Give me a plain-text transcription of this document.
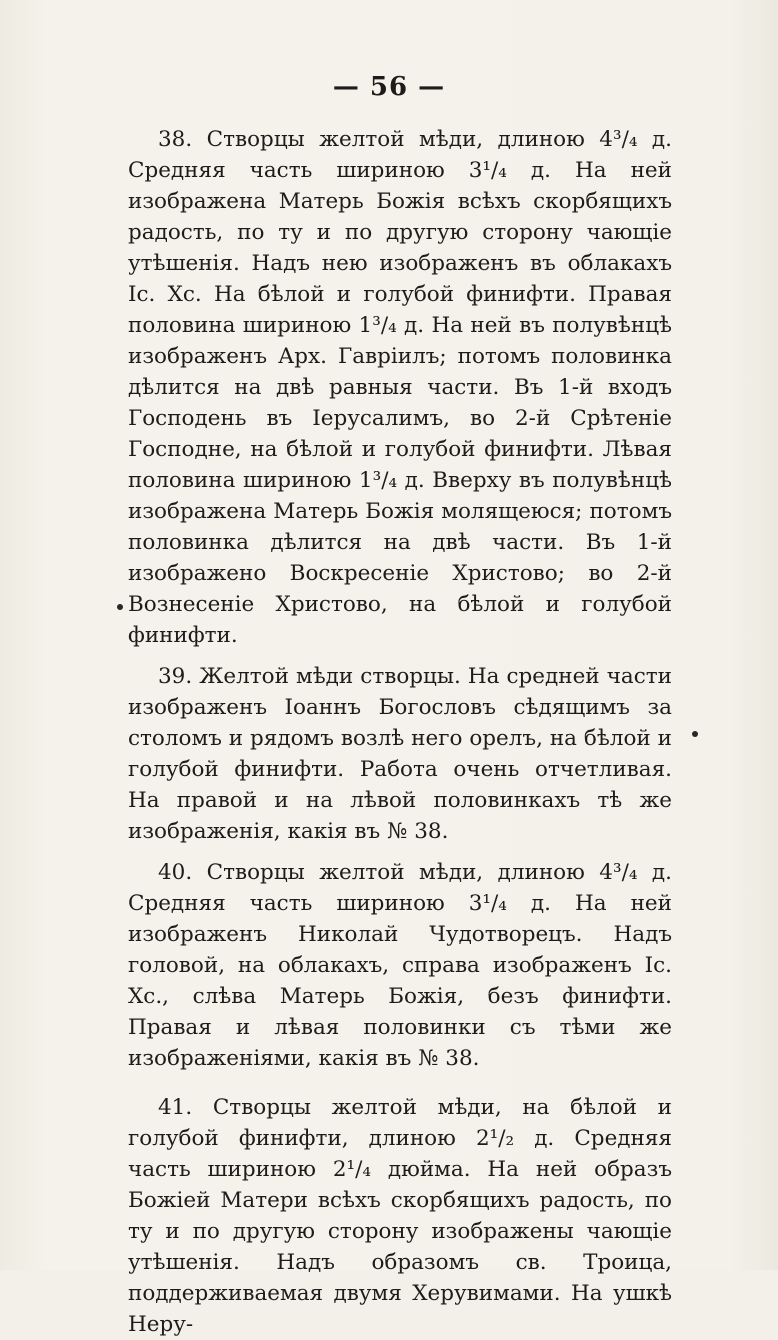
— 56 —

38. Створцы желтой мѣди, длиною 4³/₄ д. Средняя часть шириною 3¹/₄ д. На ней изображена Матерь Божія всѣхъ скорбящихъ радость, по ту и по другую сторону чающіе утѣшенія. Надъ нею изображенъ въ облакахъ Іс. Хс. На бѣлой и голубой финифти. Правая половина шириною 1³/₄ д. На ней въ полувѣнцѣ изображенъ Арх. Гавріилъ; потомъ половинка дѣлится на двѣ равныя части. Въ 1-й входъ Господень въ Іерусалимъ, во 2-й Срѣтеніе Господне, на бѣлой и голубой финифти. Лѣвая половина шириною 1³/₄ д. Вверху въ полувѣнцѣ изображена Матерь Божія молящеюся; потомъ половинка дѣлится на двѣ части. Въ 1-й изображено Воскресеніе Христово; во 2-й Вознесеніе Христово, на бѣлой и голубой финифти.

39. Желтой мѣди створцы. На средней части изображенъ Іоаннъ Богословъ сѣдящимъ за столомъ и рядомъ возлѣ него орелъ, на бѣлой и голубой финифти. Работа очень отчетливая. На правой и на лѣвой половинкахъ тѣ же изображенія, какія въ № 38.

40. Створцы желтой мѣди, длиною 4³/₄ д. Средняя часть шириною 3¹/₄ д. На ней изображенъ Николай Чудотворецъ. Надъ головой, на облакахъ, справа изображенъ Іс. Хс., слѣва Матерь Божія, безъ финифти. Правая и лѣвая половинки съ тѣми же изображеніями, какія въ № 38.

41. Створцы желтой мѣди, на бѣлой и голубой финифти, длиною 2¹/₂ д. Средняя часть шириною 2¹/₄ дюйма. На ней образъ Божіей Матери всѣхъ скорбящихъ радость, по ту и по другую сторону изображены чающіе утѣшенія. Надъ образомъ св. Троица, поддерживаемая двумя Херувимами. На ушкѣ Неру-
